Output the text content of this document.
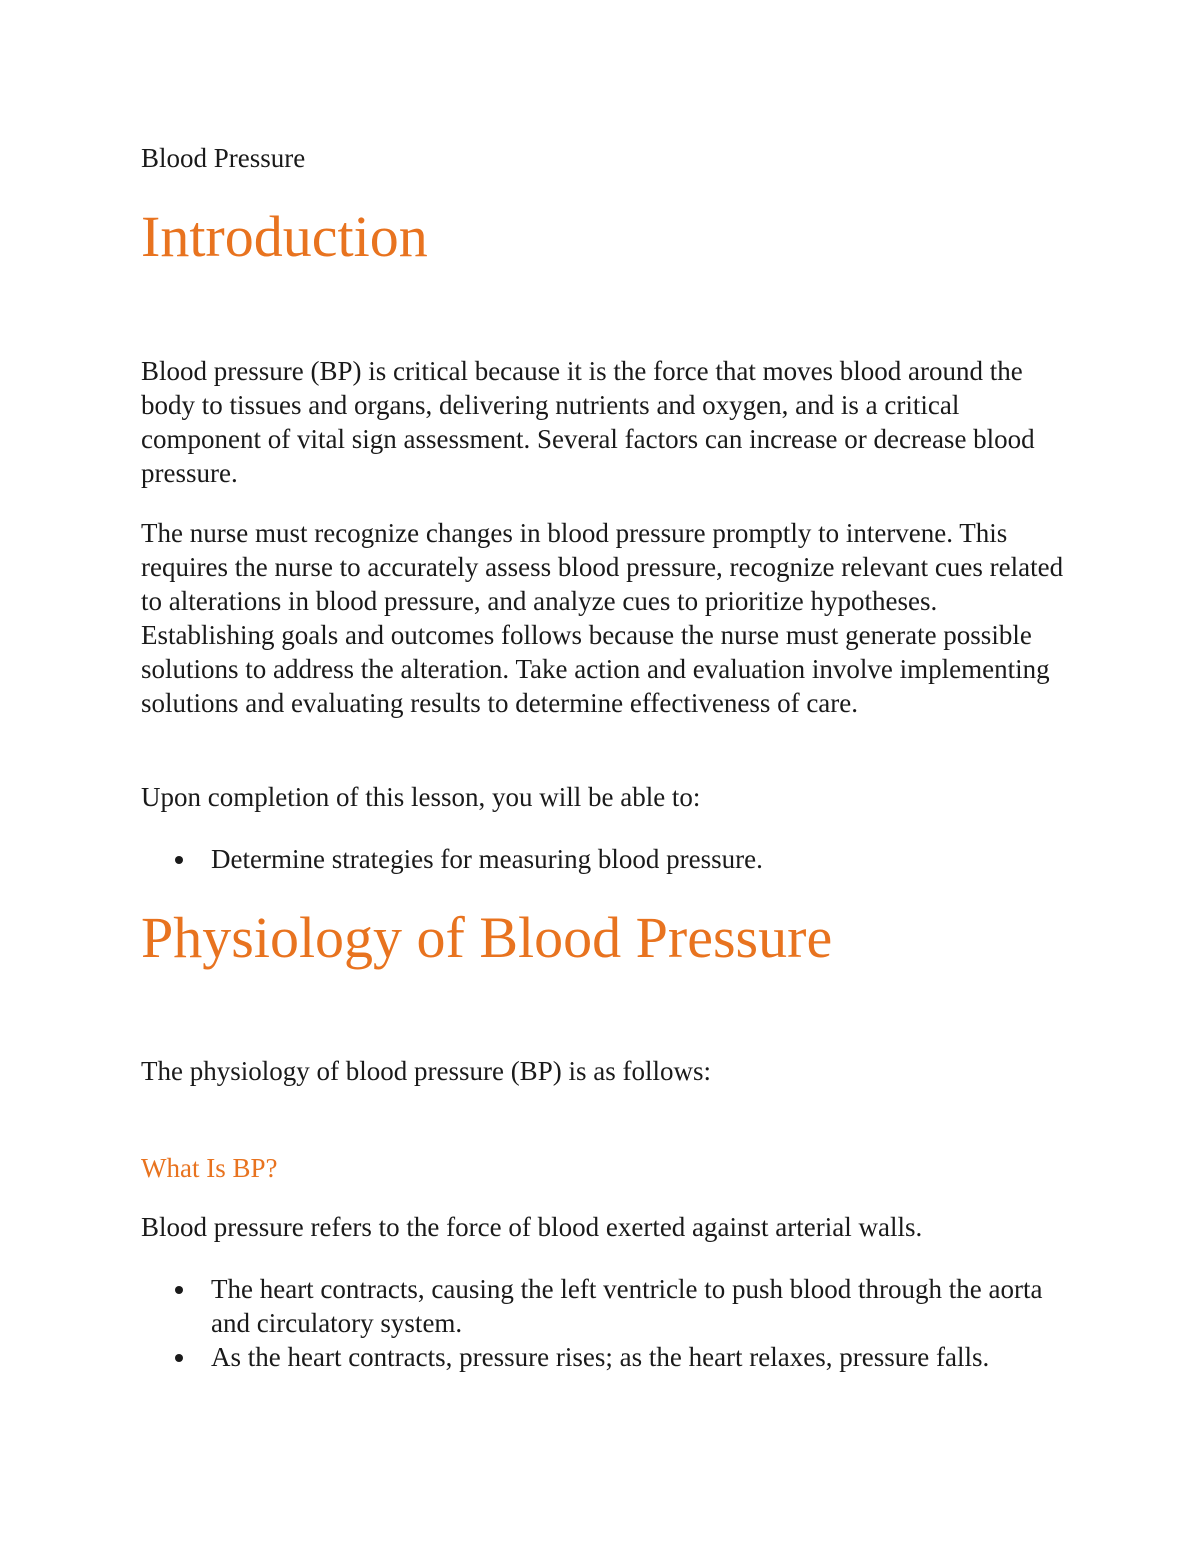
Blood Pressure
Introduction

Blood pressure (BP) is critical because it is the force that moves blood around the body to tissues and organs, delivering nutrients and oxygen, and is a critical component of vital sign assessment. Several factors can increase or decrease blood pressure.

The nurse must recognize changes in blood pressure promptly to intervene. This requires the nurse to accurately assess blood pressure, recognize relevant cues related to alterations in blood pressure, and analyze cues to prioritize hypotheses. Establishing goals and outcomes follows because the nurse must generate possible solutions to address the alteration. Take action and evaluation involve implementing solutions and evaluating results to determine effectiveness of care.

Upon completion of this lesson, you will be able to:

Determine strategies for measuring blood pressure.
Physiology of Blood Pressure

The physiology of blood pressure (BP) is as follows:

What Is BP?

Blood pressure refers to the force of blood exerted against arterial walls.

The heart contracts, causing the left ventricle to push blood through the aorta and circulatory system.
As the heart contracts, pressure rises; as the heart relaxes, pressure falls.
